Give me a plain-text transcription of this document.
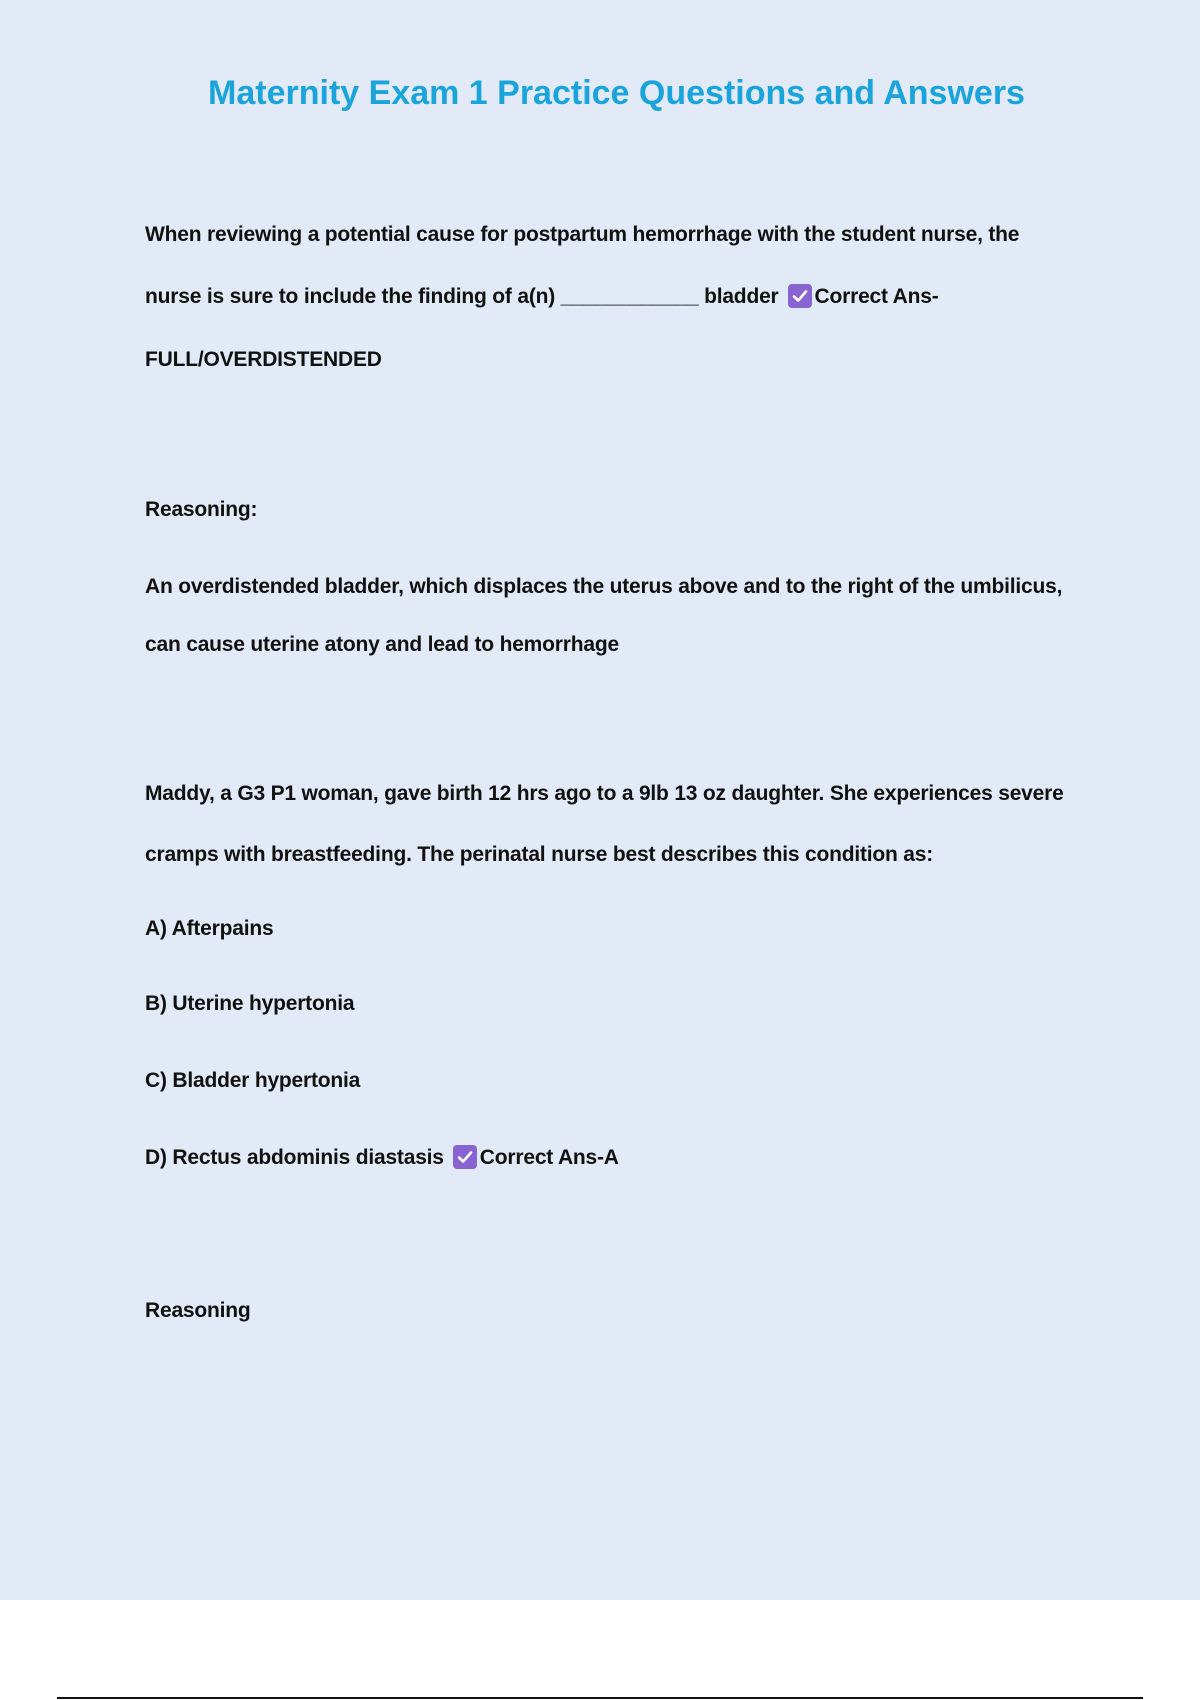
Maternity Exam 1 Practice Questions and Answers

When reviewing a potential cause for postpartum hemorrhage with the student nurse, the

nurse is sure to include the finding of a(n) ____________ bladder Correct Ans-

FULL/OVERDISTENDED

Reasoning:

An overdistended bladder, which displaces the uterus above and to the right of the umbilicus,

can cause uterine atony and lead to hemorrhage

Maddy, a G3 P1 woman, gave birth 12 hrs ago to a 9lb 13 oz daughter. She experiences severe

cramps with breastfeeding. The perinatal nurse best describes this condition as:

A) Afterpains

B) Uterine hypertonia

C) Bladder hypertonia

D) Rectus abdominis diastasis Correct Ans-A

Reasoning
